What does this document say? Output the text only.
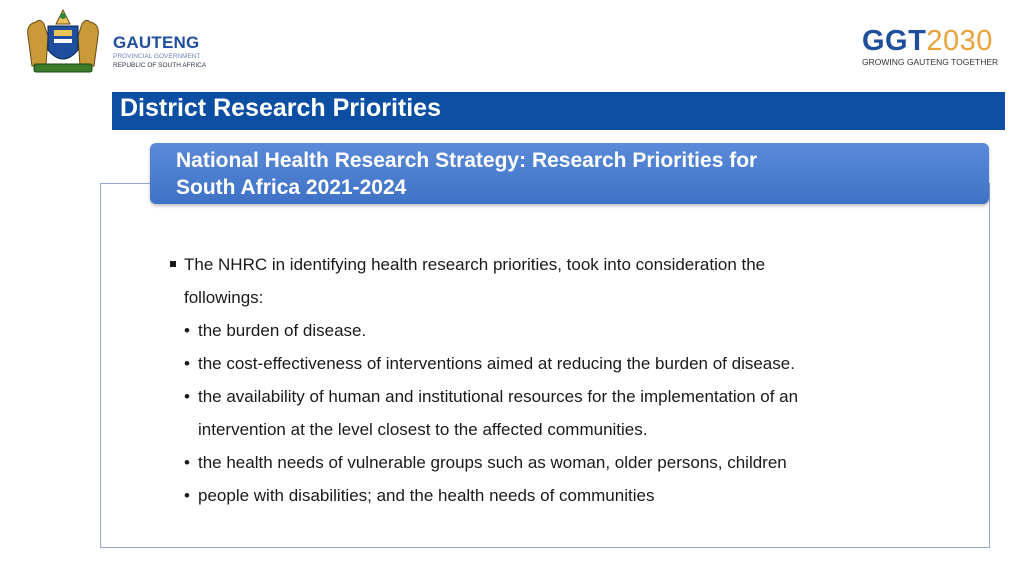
GAUTENG
PROVINCIAL GOVERNMENT
REPUBLIC OF SOUTH AFRICA
GGT2030
GROWING GAUTENG TOGETHER
District Research Priorities
National Health Research Strategy: Research Priorities for
South Africa 2021-2024
The NHRC in identifying health research priorities, took into consideration the
followings:
• the burden of disease.
• the cost-effectiveness of interventions aimed at reducing the burden of disease.
• the availability of human and institutional resources for the implementation of an
intervention at the level closest to the affected communities.
• the health needs of vulnerable groups such as woman, older persons, children
• people with disabilities; and the health needs of communities
